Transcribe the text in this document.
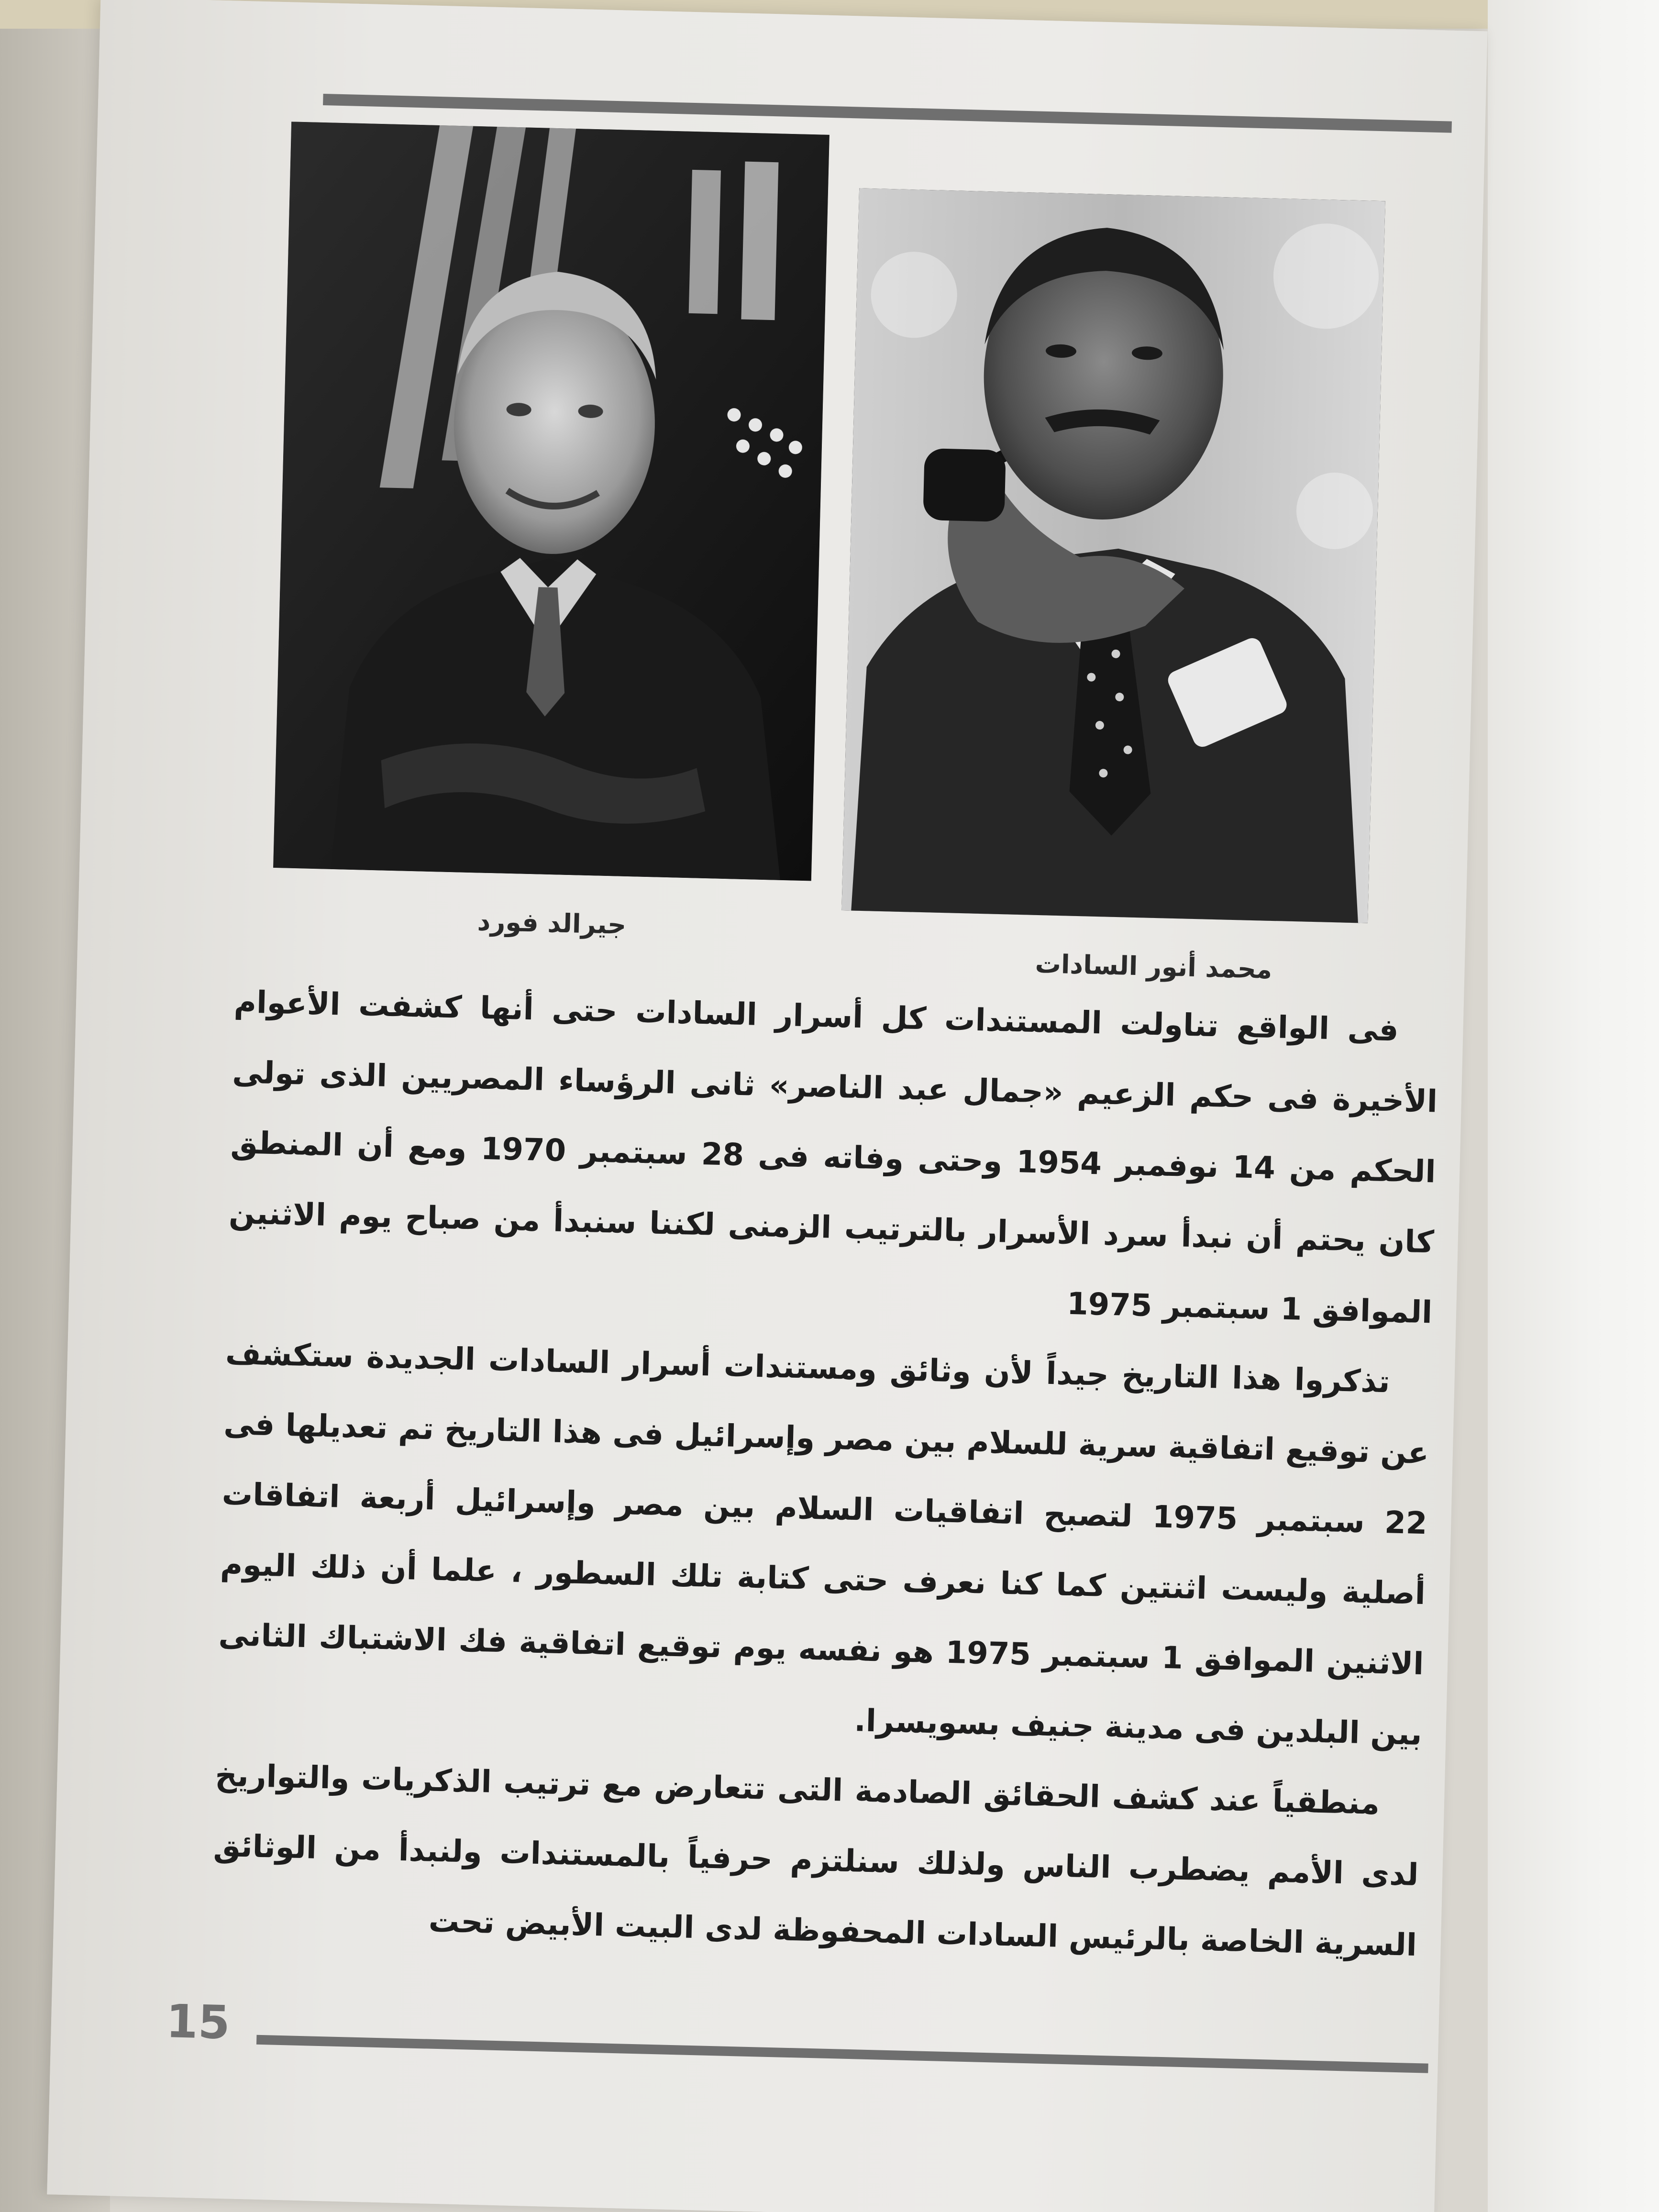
جيرالد فورد
محمد أنور السادات

فى الواقع تناولت المستندات كل أسرار السادات حتى أنها كشفت الأعوام الأخيرة فى حكم الزعيم «جمال عبد الناصر» ثانى الرؤساء المصريين الذى تولى الحكم من 14 نوفمبر 1954 وحتى وفاته فى 28 سبتمبر 1970 ومع أن المنطق كان يحتم أن نبدأ سرد الأسرار بالترتيب الزمنى لكننا سنبدأ من صباح يوم الاثنين الموافق 1 سبتمبر 1975

تذكروا هذا التاريخ جيداً لأن وثائق ومستندات أسرار السادات الجديدة ستكشف عن توقيع اتفاقية سرية للسلام بين مصر وإسرائيل فى هذا التاريخ تم تعديلها فى 22 سبتمبر 1975 لتصبح اتفاقيات السلام بين مصر وإسرائيل أربعة اتفاقات أصلية وليست اثنتين كما كنا نعرف حتى كتابة تلك السطور ، علما أن ذلك اليوم الاثنين الموافق 1 سبتمبر 1975 هو نفسه يوم توقيع اتفاقية فك الاشتباك الثانى بين البلدين فى مدينة جنيف بسويسرا.

منطقياً عند كشف الحقائق الصادمة التى تتعارض مع ترتيب الذكريات والتواريخ لدى الأمم يضطرب الناس ولذلك سنلتزم حرفياً بالمستندات ولنبدأ من الوثائق السرية الخاصة بالرئيس السادات المحفوظة لدى البيت الأبيض تحت

15
